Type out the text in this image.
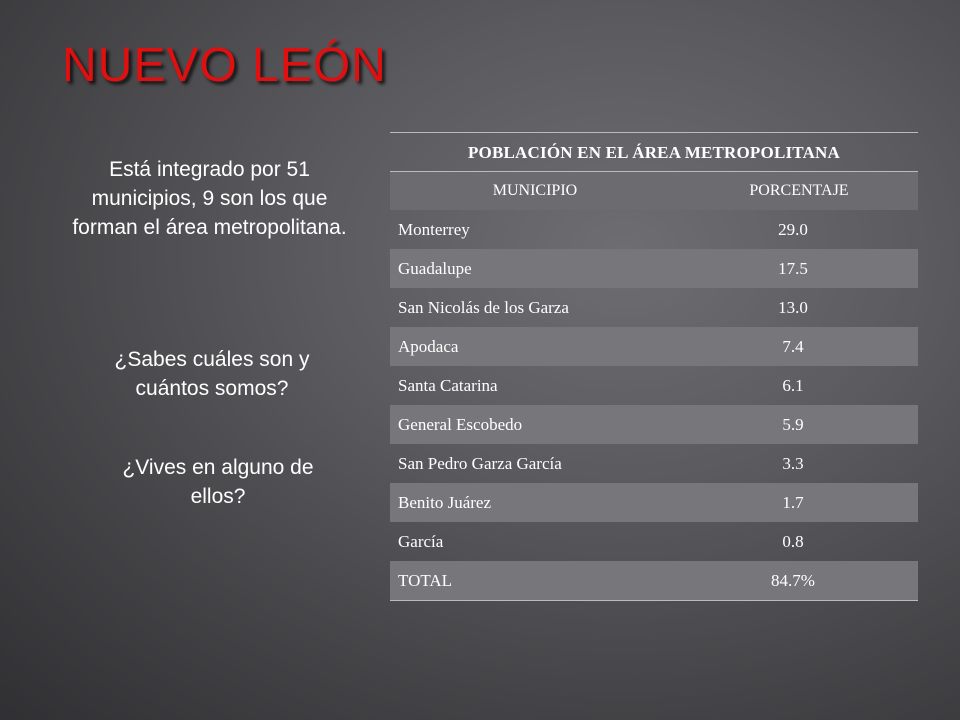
NUEVO LEÓN
Está integrado por 51 municipios, 9 son los que forman el área metropolitana.
¿Sabes cuáles son y cuántos somos?
¿Vives en alguno de ellos?
POBLACIÓN EN EL ÁREA METROPOLITANA
MUNICIPIO	PORCENTAJE
Monterrey	29.0
Guadalupe	17.5
San Nicolás de los Garza	13.0
Apodaca	7.4
Santa Catarina	6.1
General Escobedo	5.9
San Pedro Garza García	3.3
Benito Juárez	1.7
García	0.8
TOTAL	84.7%
